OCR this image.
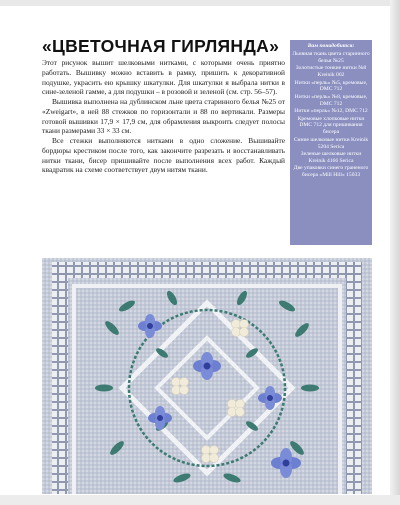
«ЦВЕТОЧНАЯ ГИРЛЯНДА»

Этот рисунок вышит шелковыми нитками, с которыми очень приятно работать. Вышивку можно вставить в рамку, пришить к декоративной подушке, украсить ею крышку шкатулки. Для шкатулки я выбрала нитки в сине-зеленой гамме, а для подушки – в розовой и зеленой (см. стр. 56–57).

Вышивка выполнена на дублинском льне цвета старинного белья №25 от «Zweigart», в ней 88 стежков по горизонтали и 88 по вертикали. Размеры готовой вышивки 17,9 × 17,9 см, для обрамления выкроить следует полосы ткани размерами 33 × 33 см.

Все стежки выполняются нитками в одно сложение. Вышивайте бордюры крестиком после того, как закончите разрезать и восстанавливать нитки ткани, бисер пришивайте после выполнения всех работ. Каждый квадратик на схеме соответствует двум нитям ткани.

Вам понадобится:
Льняная ткань цвета старинного белья №25
Золотистые тонкие нитки №8 Kreinik 002
Нитки «перль» №5, кремовые, DMC 712
Нитки «перль» №8, кремовые, DMC 712
Нитки «перль» №12, DMC 712
Кремовые хлопковые нитки DMC 712 для пришивания бисера
Синие шелковые нитки Kreinik 5204 Serica
Зеленые шелковые нитки Kreinik 4166 Serica
Две упаковки синего граненого бисера «Mill Hill» 15033
